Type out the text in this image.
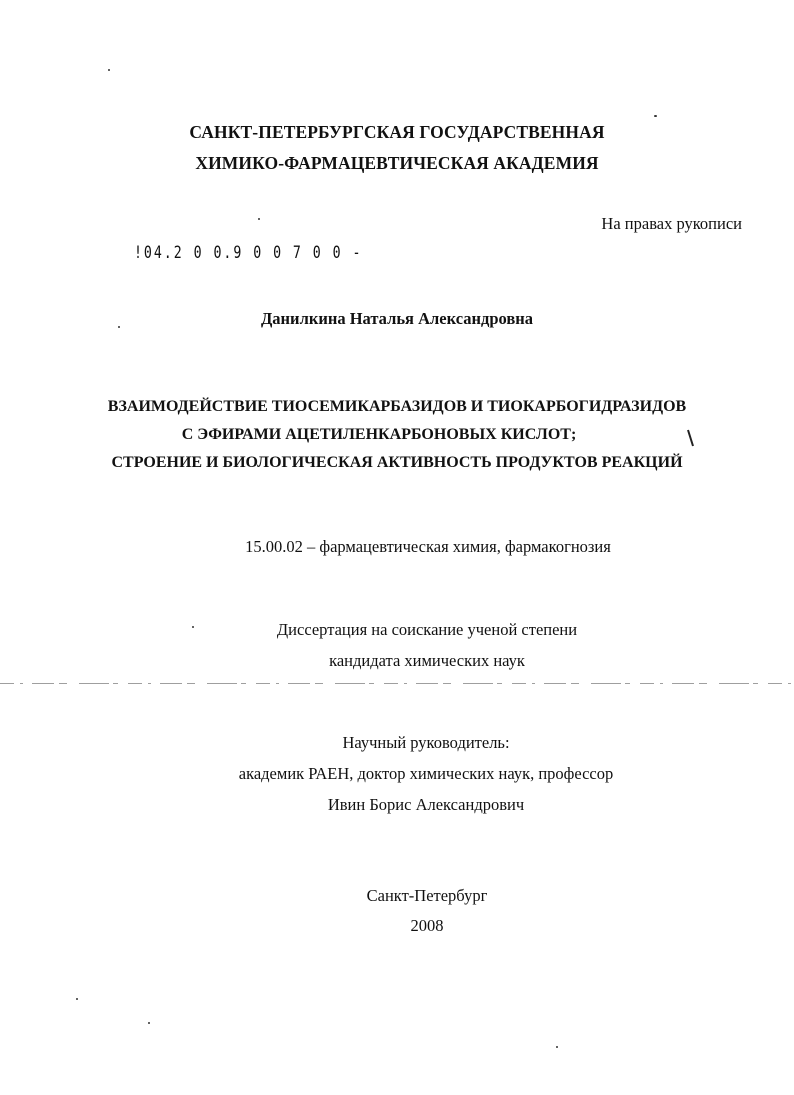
САНКТ-ПЕТЕРБУРГСКАЯ ГОСУДАРСТВЕННАЯ
ХИМИКО-ФАРМАЦЕВТИЧЕСКАЯ АКАДЕМИЯ
На правах рукописи
!04.2 0 0.9 0 0 7 0 0 -
Данилкина Наталья Александровна
ВЗАИМОДЕЙСТВИЕ ТИОСЕМИКАРБАЗИДОВ И ТИОКАРБОГИДРАЗИДОВ
С ЭФИРАМИ АЦЕТИЛЕНКАРБОНОВЫХ КИСЛОТ;
СТРОЕНИЕ И БИОЛОГИЧЕСКАЯ АКТИВНОСТЬ ПРОДУКТОВ РЕАКЦИЙ
15.00.02 – фармацевтическая химия, фармакогнозия
Диссертация на соискание ученой степени
кандидата химических наук
Научный руководитель:
академик РАЕН, доктор химических наук, профессор
Ивин Борис Александрович
Санкт-Петербург
2008
